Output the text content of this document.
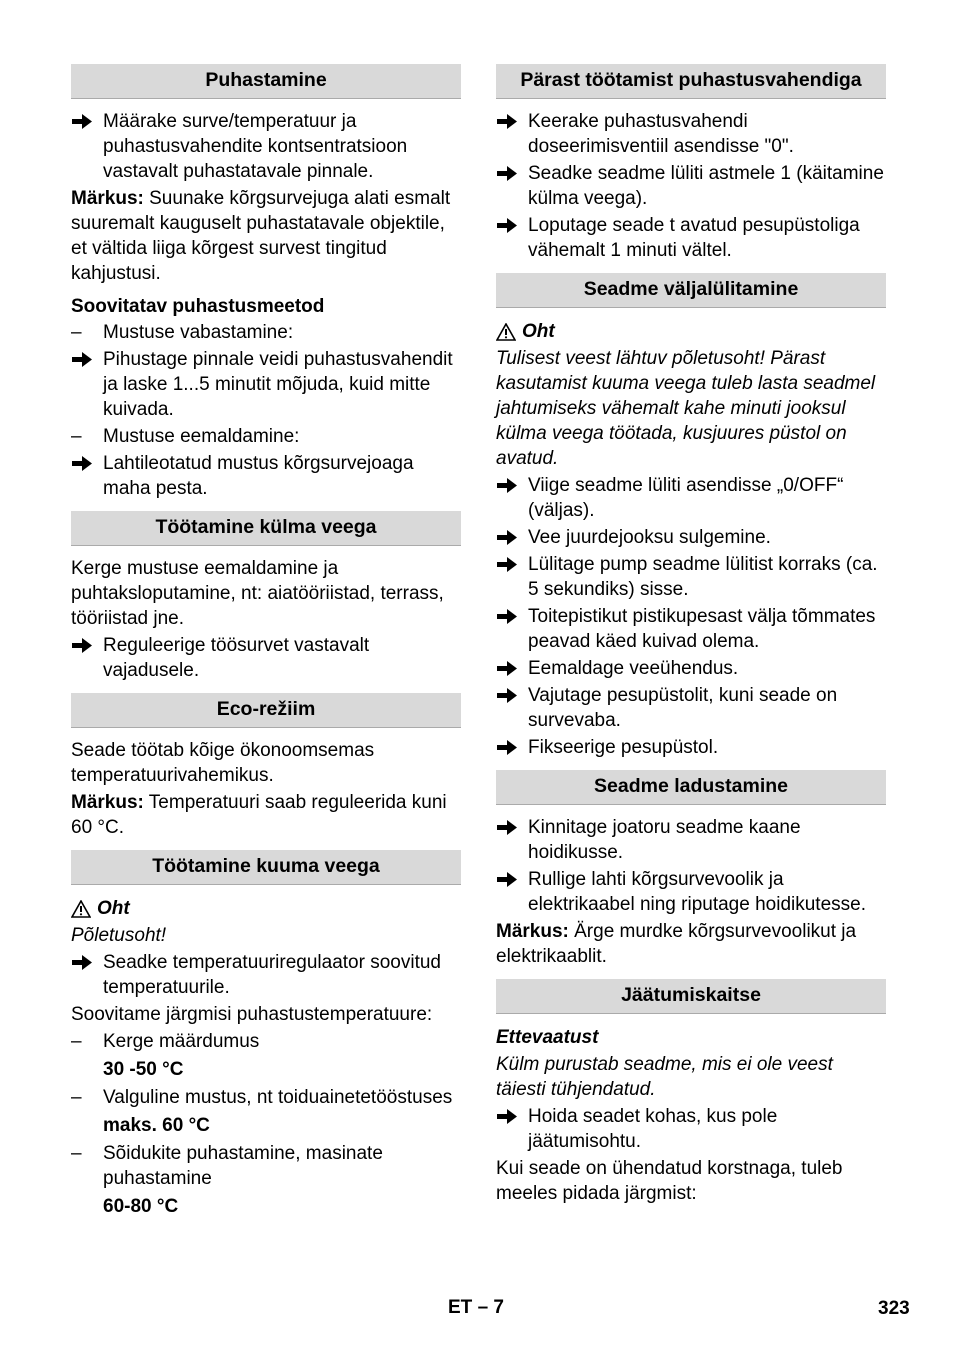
Puhastamine
Määrake surve/temperatuur ja puhastusvahendite kontsentratsioon vastavalt puhastatavale pinnale.
Märkus: Suunake kõrgsurvejuga alati esmalt suuremalt kauguselt puhastatavale objektile, et vältida liiga kõrgest survest tingitud kahjustusi.
Soovitatav puhastusmeetod
– Mustuse vabastamine:
Pihustage pinnale veidi puhastusvahendit ja laske 1...5 minutit mõjuda, kuid mitte kuivada.
– Mustuse eemaldamine:
Lahtileotatud mustus kõrgsurvejoaga maha pesta.
Töötamine külma veega
Kerge mustuse eemaldamine ja puhtaksloputamine, nt: aiatööriistad, terrass, tööriistad jne.
Reguleerige töösurvet vastavalt vajadusele.
Eco-režiim
Seade töötab kõige ökonoomsemas temperatuurivahemikus.
Märkus: Temperatuuri saab reguleerida kuni 60 °C.
Töötamine kuuma veega
Oht
Põletusoht!
Seadke temperatuuriregulaator soovitud temperatuurile.
Soovitame järgmisi puhastustemperatuure:
– Kerge määrdumus
30 -50 °C
– Valguline mustus, nt toiduainetetööstuses
maks. 60 °C
– Sõidukite puhastamine, masinate puhastamine
60-80 °C
Pärast töötamist puhastusvahendiga
Keerake puhastusvahendi doseerimisventiil asendisse "0".
Seadke seadme lüliti astmele 1 (käitamine külma veega).
Loputage seade t avatud pesupüstoliga vähemalt 1 minuti vältel.
Seadme väljalülitamine
Oht
Tulisest veest lähtuv põletusoht! Pärast kasutamist kuuma veega tuleb lasta seadmel jahtumiseks vähemalt kahe minuti jooksul külma veega töötada, kusjuures püstol on avatud.
Viige seadme lüliti asendisse „0/OFF“ (väljas).
Vee juurdejooksu sulgemine.
Lülitage pump seadme lülitist korraks (ca. 5 sekundiks) sisse.
Toitepistikut pistikupesast välja tõmmates peavad käed kuivad olema.
Eemaldage veeühendus.
Vajutage pesupüstolit, kuni seade on survevaba.
Fikseerige pesupüstol.
Seadme ladustamine
Kinnitage joatoru seadme kaane hoidikusse.
Rullige lahti kõrgsurvevoolik ja elektrikaabel ning riputage hoidikutesse.
Märkus: Ärge murdke kõrgsurvevoolikut ja elektrikaablit.
Jäätumiskaitse
Ettevaatust
Külm purustab seadme, mis ei ole veest täiesti tühjendatud.
Hoida seadet kohas, kus pole jäätumisohtu.
Kui seade on ühendatud korstnaga, tuleb meeles pidada järgmist:
ET – 7	323
